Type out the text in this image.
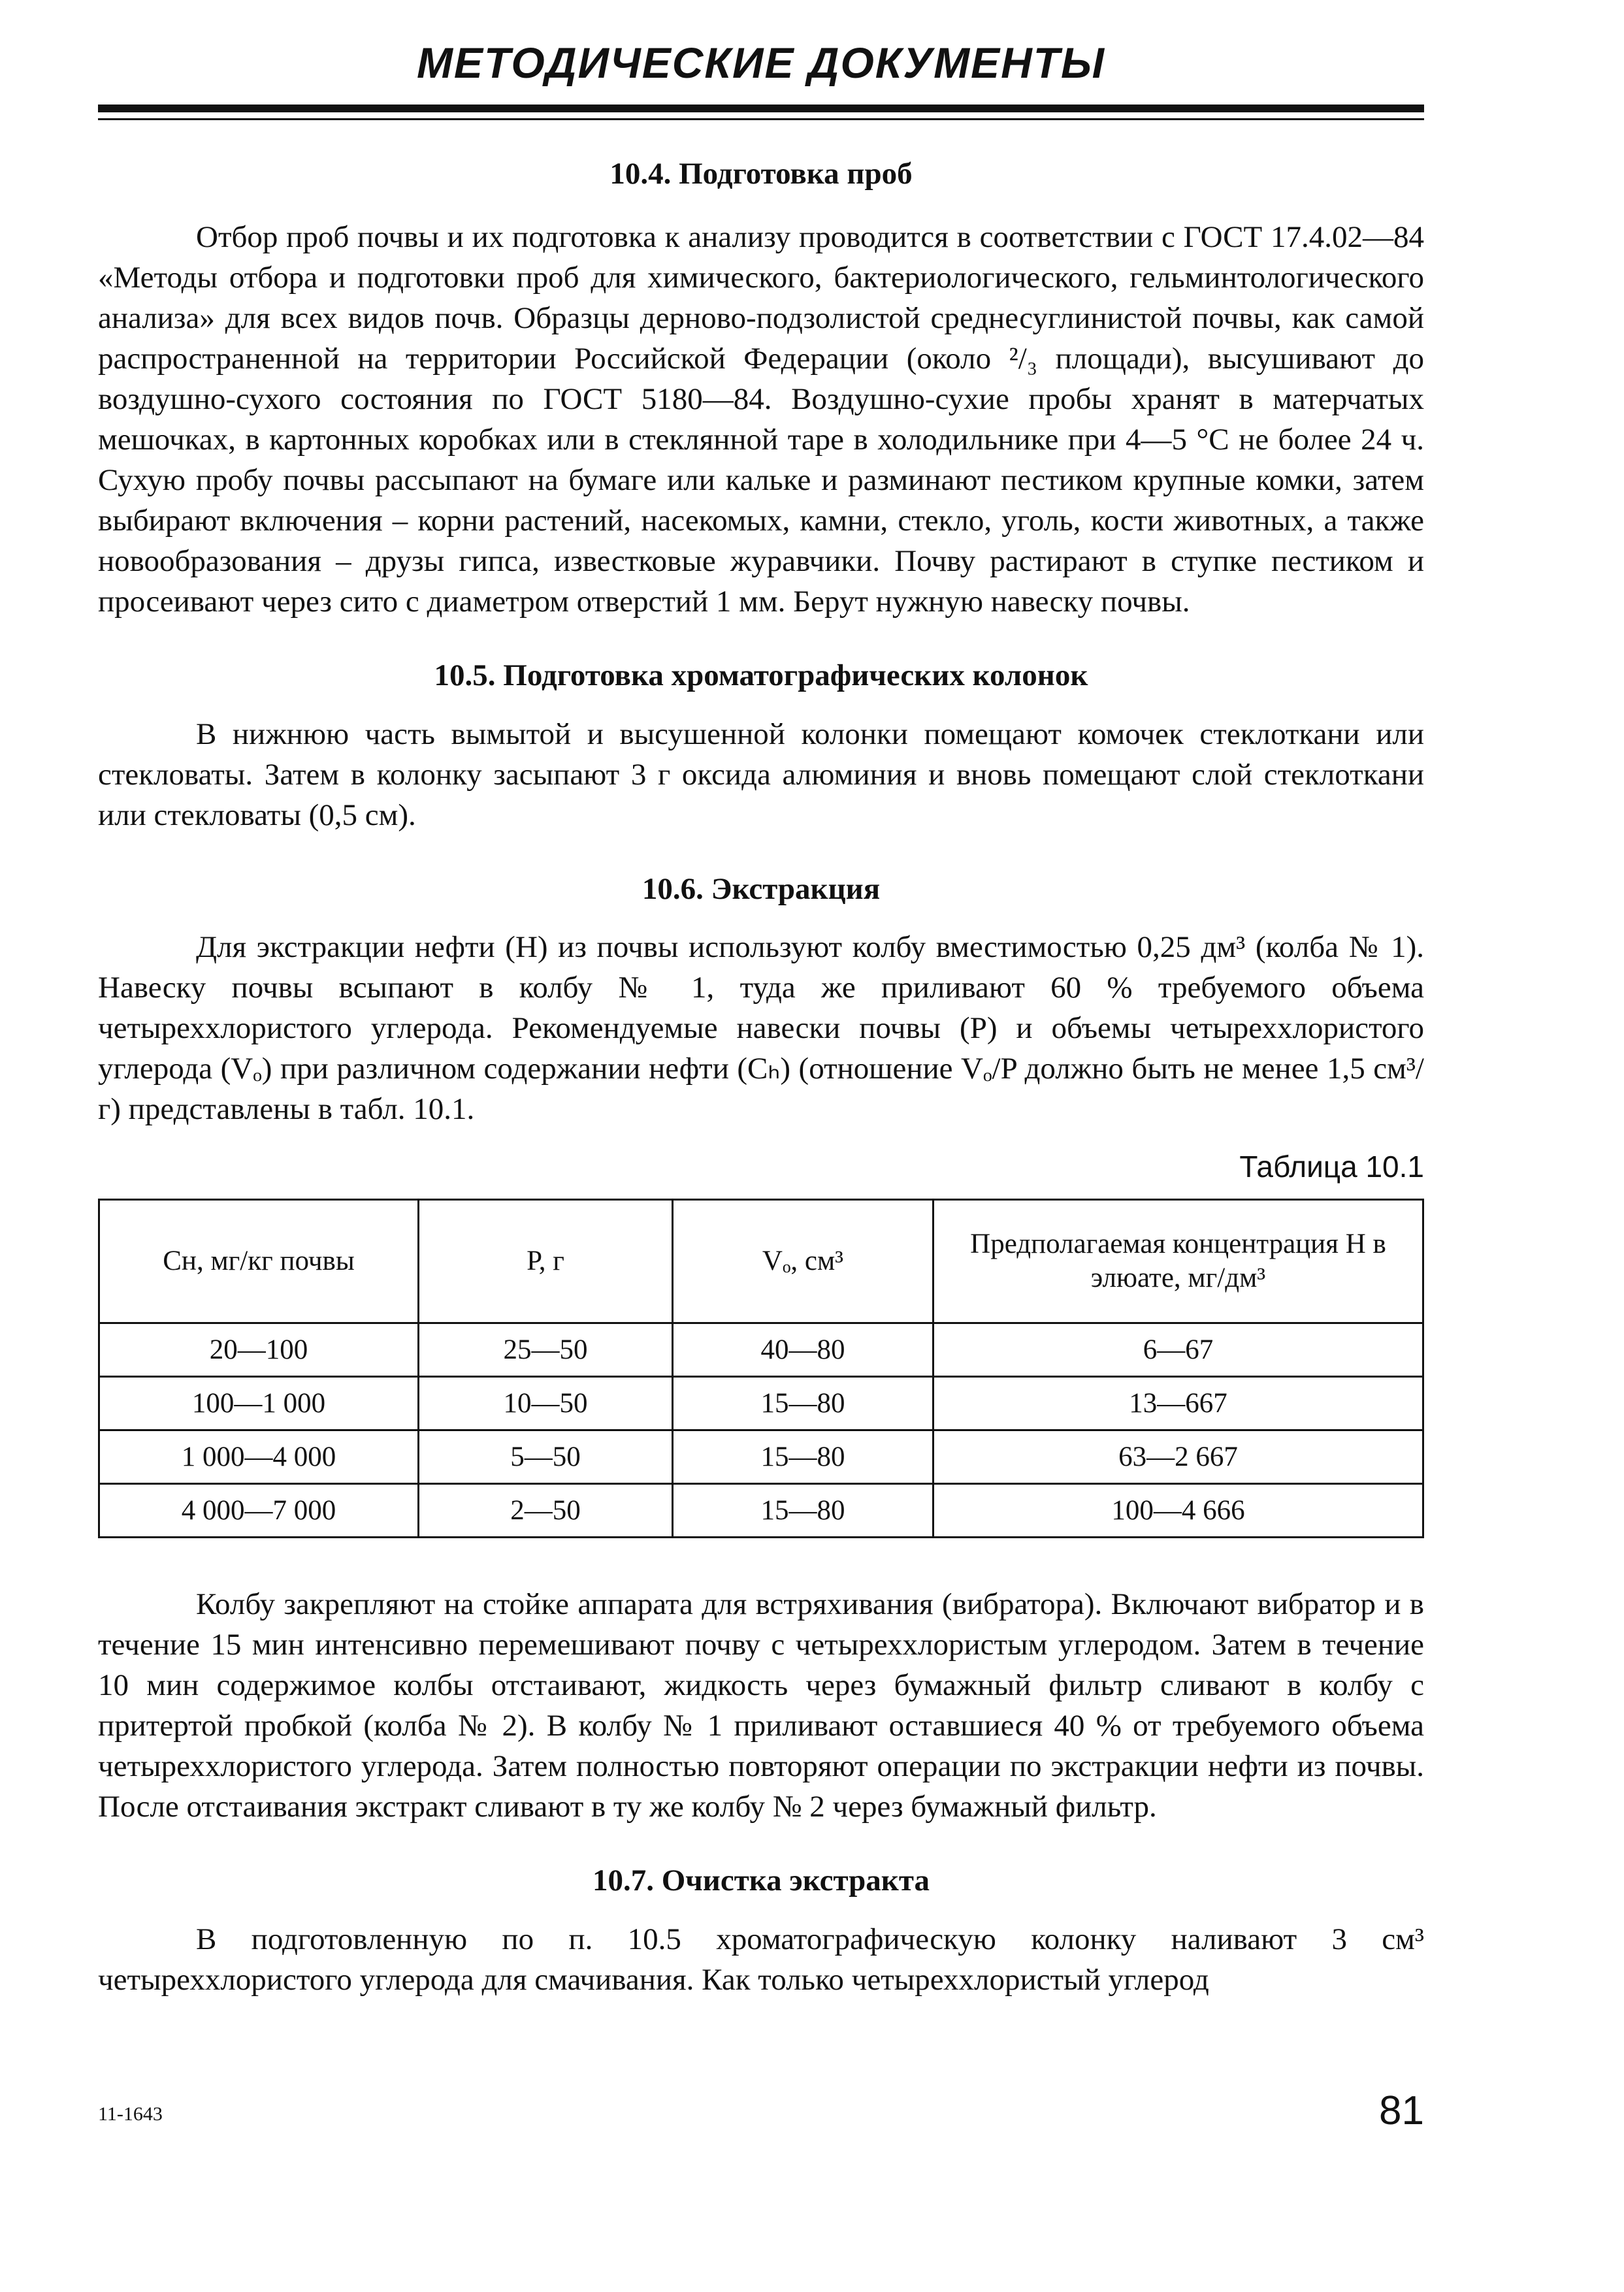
МЕТОДИЧЕСКИЕ ДОКУМЕНТЫ
10.4. Подготовка проб

Отбор проб почвы и их подготовка к анализу проводится в соответствии с ГОСТ 17.4.02—84 «Методы отбора и подготовки проб для химического, бактериологического, гельминтологического анализа» для всех видов почв. Образцы дерново-подзолистой среднесуглинистой почвы, как самой распространенной на территории Российской Федерации (около ²/₃ площади), высушивают до воздушно-сухого состояния по ГОСТ 5180—84. Воздушно-сухие пробы хранят в матерчатых мешочках, в картонных коробках или в стеклянной таре в холодильнике при 4—5 °С не более 24 ч. Сухую пробу почвы рассыпают на бумаге или кальке и разминают пестиком крупные комки, затем выбирают включения – корни растений, насекомых, камни, стекло, уголь, кости животных, а также новообразования – друзы гипса, известковые журавчики. Почву растирают в ступке пестиком и просеивают через сито с диаметром отверстий 1 мм. Берут нужную навеску почвы.

10.5. Подготовка хроматографических колонок

В нижнюю часть вымытой и высушенной колонки помещают комочек стеклоткани или стекловаты. Затем в колонку засыпают 3 г оксида алюминия и вновь помещают слой стеклоткани или стекловаты (0,5 см).

10.6. Экстракция

Для экстракции нефти (Н) из почвы используют колбу вместимостью 0,25 дм³ (колба № 1). Навеску почвы всыпают в колбу № 1, туда же приливают 60 % требуемого объема четыреххлористого углерода. Рекомендуемые навески почвы (Р) и объемы четыреххлористого углерода (Vₒ) при различном содержании нефти (Cₕ) (отношение Vₒ/P должно быть не менее 1,5 см³/г) представлены в табл. 10.1.

Таблица 10.1
Cн, мг/кг почвы	Р, г	Vₒ, см³	Предполагаемая концентрация Н в элюате, мг/дм³
20—100	25—50	40—80	6—67
100—1 000	10—50	15—80	13—667
1 000—4 000	5—50	15—80	63—2 667
4 000—7 000	2—50	15—80	100—4 666

Колбу закрепляют на стойке аппарата для встряхивания (вибратора). Включают вибратор и в течение 15 мин интенсивно перемешивают почву с четыреххлористым углеродом. Затем в течение 10 мин содержимое колбы отстаивают, жидкость через бумажный фильтр сливают в колбу с притертой пробкой (колба № 2). В колбу № 1 приливают оставшиеся 40 % от требуемого объема четыреххлористого углерода. Затем полностью повторяют операции по экстракции нефти из почвы. После отстаивания экстракт сливают в ту же колбу № 2 через бумажный фильтр.

10.7. Очистка экстракта

В подготовленную по п. 10.5 хроматографическую колонку наливают 3 см³ четыреххлористого углерода для смачивания. Как только четыреххлористый углерод

11-1643	81
